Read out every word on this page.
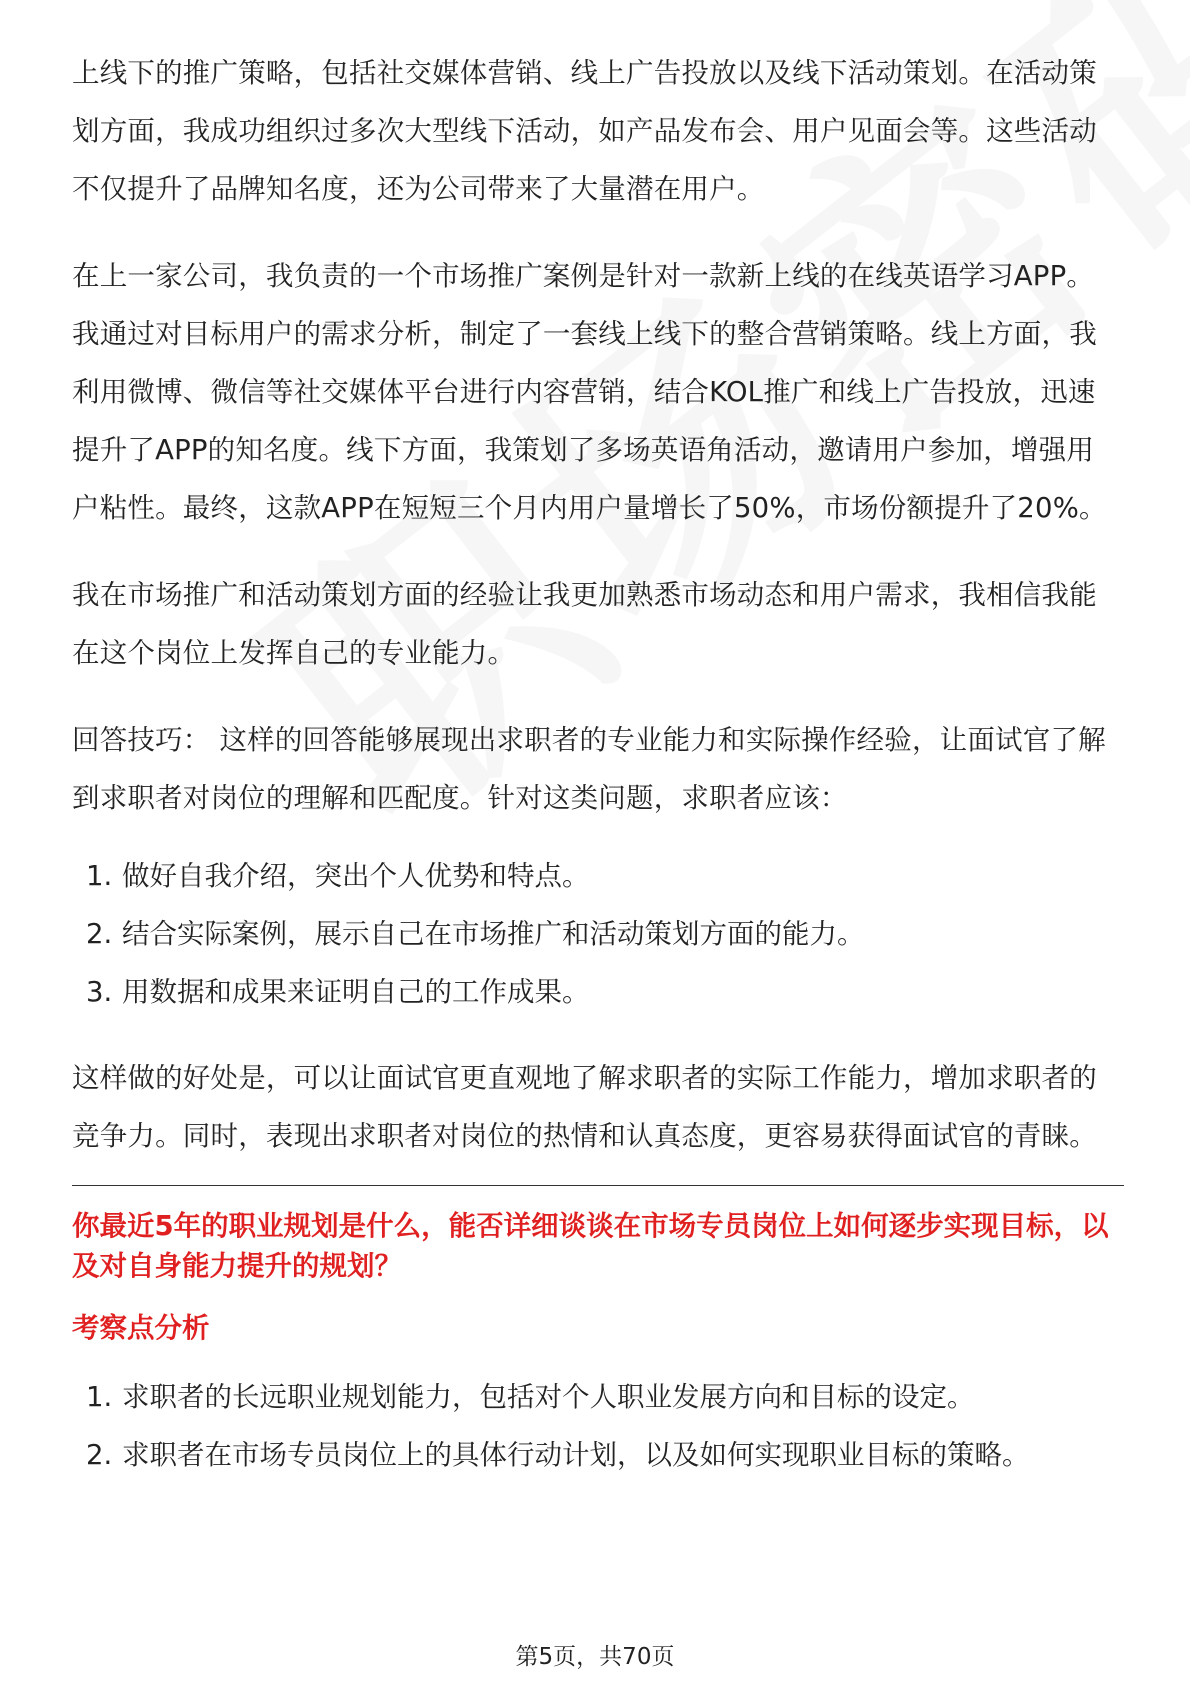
上线下的推广策略，包括社交媒体营销、线上广告投放以及线下活动策划。在活动策划方面，我成功组织过多次大型线下活动，如产品发布会、用户见面会等。这些活动不仅提升了品牌知名度，还为公司带来了大量潜在用户。

在上一家公司，我负责的一个市场推广案例是针对一款新上线的在线英语学习APP。我通过对目标用户的需求分析，制定了一套线上线下的整合营销策略。线上方面，我利用微博、微信等社交媒体平台进行内容营销，结合KOL推广和线上广告投放，迅速提升了APP的知名度。线下方面，我策划了多场英语角活动，邀请用户参加，增强用户粘性。最终，这款APP在短短三个月内用户量增长了50%，市场份额提升了20%。

我在市场推广和活动策划方面的经验让我更加熟悉市场动态和用户需求，我相信我能在这个岗位上发挥自己的专业能力。

回答技巧： 这样的回答能够展现出求职者的专业能力和实际操作经验，让面试官了解到求职者对岗位的理解和匹配度。针对这类问题，求职者应该：

1. 做好自我介绍，突出个人优势和特点。
2. 结合实际案例，展示自己在市场推广和活动策划方面的能力。
3. 用数据和成果来证明自己的工作成果。

这样做的好处是，可以让面试官更直观地了解求职者的实际工作能力，增加求职者的竞争力。同时，表现出求职者对岗位的热情和认真态度，更容易获得面试官的青睐。

你最近5年的职业规划是什么，能否详细谈谈在市场专员岗位上如何逐步实现目标，以及对自身能力提升的规划？

考察点分析

1. 求职者的长远职业规划能力，包括对个人职业发展方向和目标的设定。
2. 求职者在市场专员岗位上的具体行动计划，以及如何实现职业目标的策略。
第5页，共70页
